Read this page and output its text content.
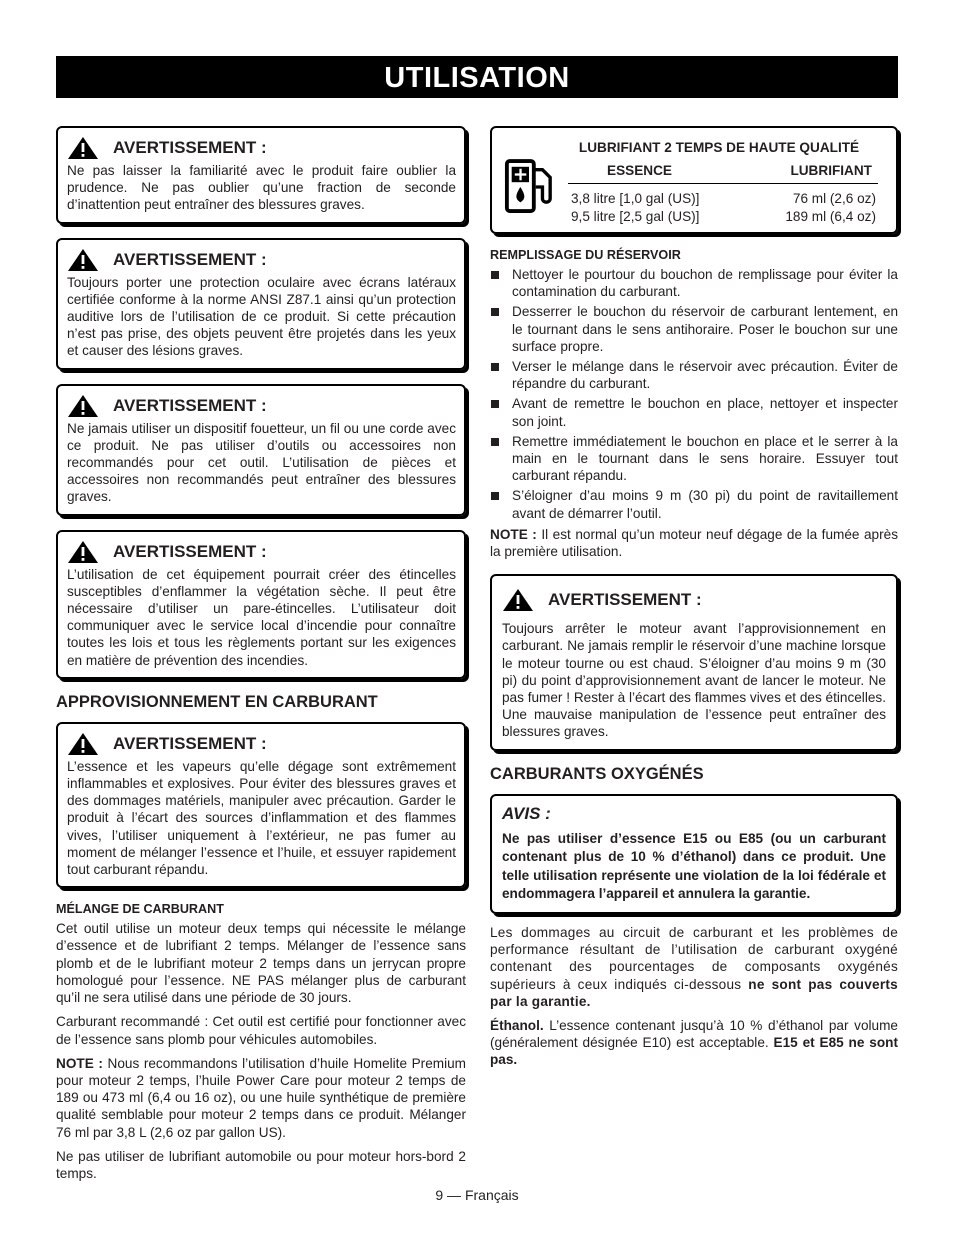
UTILISATION
AVERTISSEMENT :
Ne pas laisser la familiarité avec le produit faire oublier la prudence. Ne pas oublier qu’une fraction de seconde d’inattention peut entraîner des blessures graves.
AVERTISSEMENT :
Toujours porter une protection oculaire avec écrans latéraux certifiée conforme à la norme ANSI Z87.1 ainsi qu’un protection auditive lors de l’utilisation de ce produit. Si cette précaution n’est pas prise, des objets peuvent être projetés dans les yeux et causer des lésions graves.
AVERTISSEMENT :
Ne jamais utiliser un dispositif fouetteur, un fil ou une corde avec ce produit. Ne pas utiliser d’outils ou accessoires non recommandés pour cet outil. L’utilisation de pièces et accessoires non recommandés peut entraîner des blessures graves.
AVERTISSEMENT :
L’utilisation de cet équipement pourrait créer des étincelles susceptibles d’enflammer la végétation sèche. Il peut être nécessaire d’utiliser un pare-étincelles. L’utilisateur doit communiquer avec le service local d’incendie pour connaître toutes les lois et tous les règlements portant sur les exigences en matière de prévention des incendies.
APPROVISIONNEMENT EN CARBURANT
AVERTISSEMENT :
L’essence et les vapeurs qu’elle dégage sont extrêmement inflammables et explosives. Pour éviter des blessures graves et des dommages matériels, manipuler avec précaution. Garder le produit à l’écart des sources d’inflammation et des flammes vives, l’utiliser uniquement à l’extérieur, ne pas fumer au moment de mélanger l’essence et l’huile, et essuyer rapidement tout carburant répandu.
MÉLANGE DE CARBURANT

Cet outil utilise un moteur deux temps qui nécessite le mélange d’essence et de lubrifiant 2 temps. Mélanger de l’essence sans plomb et de le lubrifiant moteur 2 temps dans un jerrycan propre homologué pour l’essence. NE PAS mélanger plus de carburant qu’il ne sera utilisé dans une période de 30 jours.

Carburant recommandé : Cet outil est certifié pour fonctionner avec de l’essence sans plomb pour véhicules automobiles.

NOTE : Nous recommandons l’utilisation d’huile Homelite Premium pour moteur 2 temps, l’huile Power Care pour moteur 2 temps de 189 ou 473 ml (6,4 ou 16 oz), ou une huile synthétique de première qualité semblable pour moteur 2 temps dans ce produit. Mélanger 76 ml par 3,8 L (2,6 oz par gallon US).

Ne pas utiliser de lubrifiant automobile ou pour moteur hors-bord 2 temps.

LUBRIFIANT 2 TEMPS DE HAUTE QUALITÉ
ESSENCE	LUBRIFIANT
3,8 litre [1,0 gal (US)]	76 ml (2,6 oz)
9,5 litre [2,5 gal (US)]	189 ml (6,4 oz)
REMPLISSAGE DU RÉSERVOIR
Nettoyer le pourtour du bouchon de remplissage pour éviter la contamination du carburant.
Desserrer le bouchon du réservoir de carburant lentement, en le tournant dans le sens antihoraire. Poser le bouchon sur une surface propre.
Verser le mélange dans le réservoir avec précaution. Éviter de répandre du carburant.
Avant de remettre le bouchon en place, nettoyer et inspecter son joint.
Remettre immédiatement le bouchon en place et le serrer à la main en le tournant dans le sens horaire. Essuyer tout carburant répandu.
S’éloigner d’au moins 9 m (30 pi) du point de ravitaillement avant de démarrer l’outil.

NOTE : Il est normal qu’un moteur neuf dégage de la fumée après la première utilisation.

AVERTISSEMENT :
Toujours arrêter le moteur avant l’approvisionnement en carburant. Ne jamais remplir le réservoir d’une machine lorsque le moteur tourne ou est chaud. S’éloigner d’au moins 9 m (30 pi) du point d’approvisionnement avant de lancer le moteur. Ne pas fumer ! Rester à l’écart des flammes vives et des étincelles. Une mauvaise manipulation de l’essence peut entraîner des blessures graves.
CARBURANTS OXYGÉNÉS
AVIS :
Ne pas utiliser d’essence E15 ou E85 (ou un carburant contenant plus de 10 % d’éthanol) dans ce produit. Une telle utilisation représente une violation de la loi fédérale et endommagera l’appareil et annulera la garantie.

Les dommages au circuit de carburant et les problèmes de performance résultant de l’utilisation de carburant oxygéné contenant des pourcentages de composants oxygénés supérieurs à ceux indiqués ci-dessous ne sont pas couverts par la garantie.

Éthanol. L’essence contenant jusqu’à 10 % d’éthanol par volume (généralement désignée E10) est acceptable. E15 et E85 ne sont pas.

9 — Français
